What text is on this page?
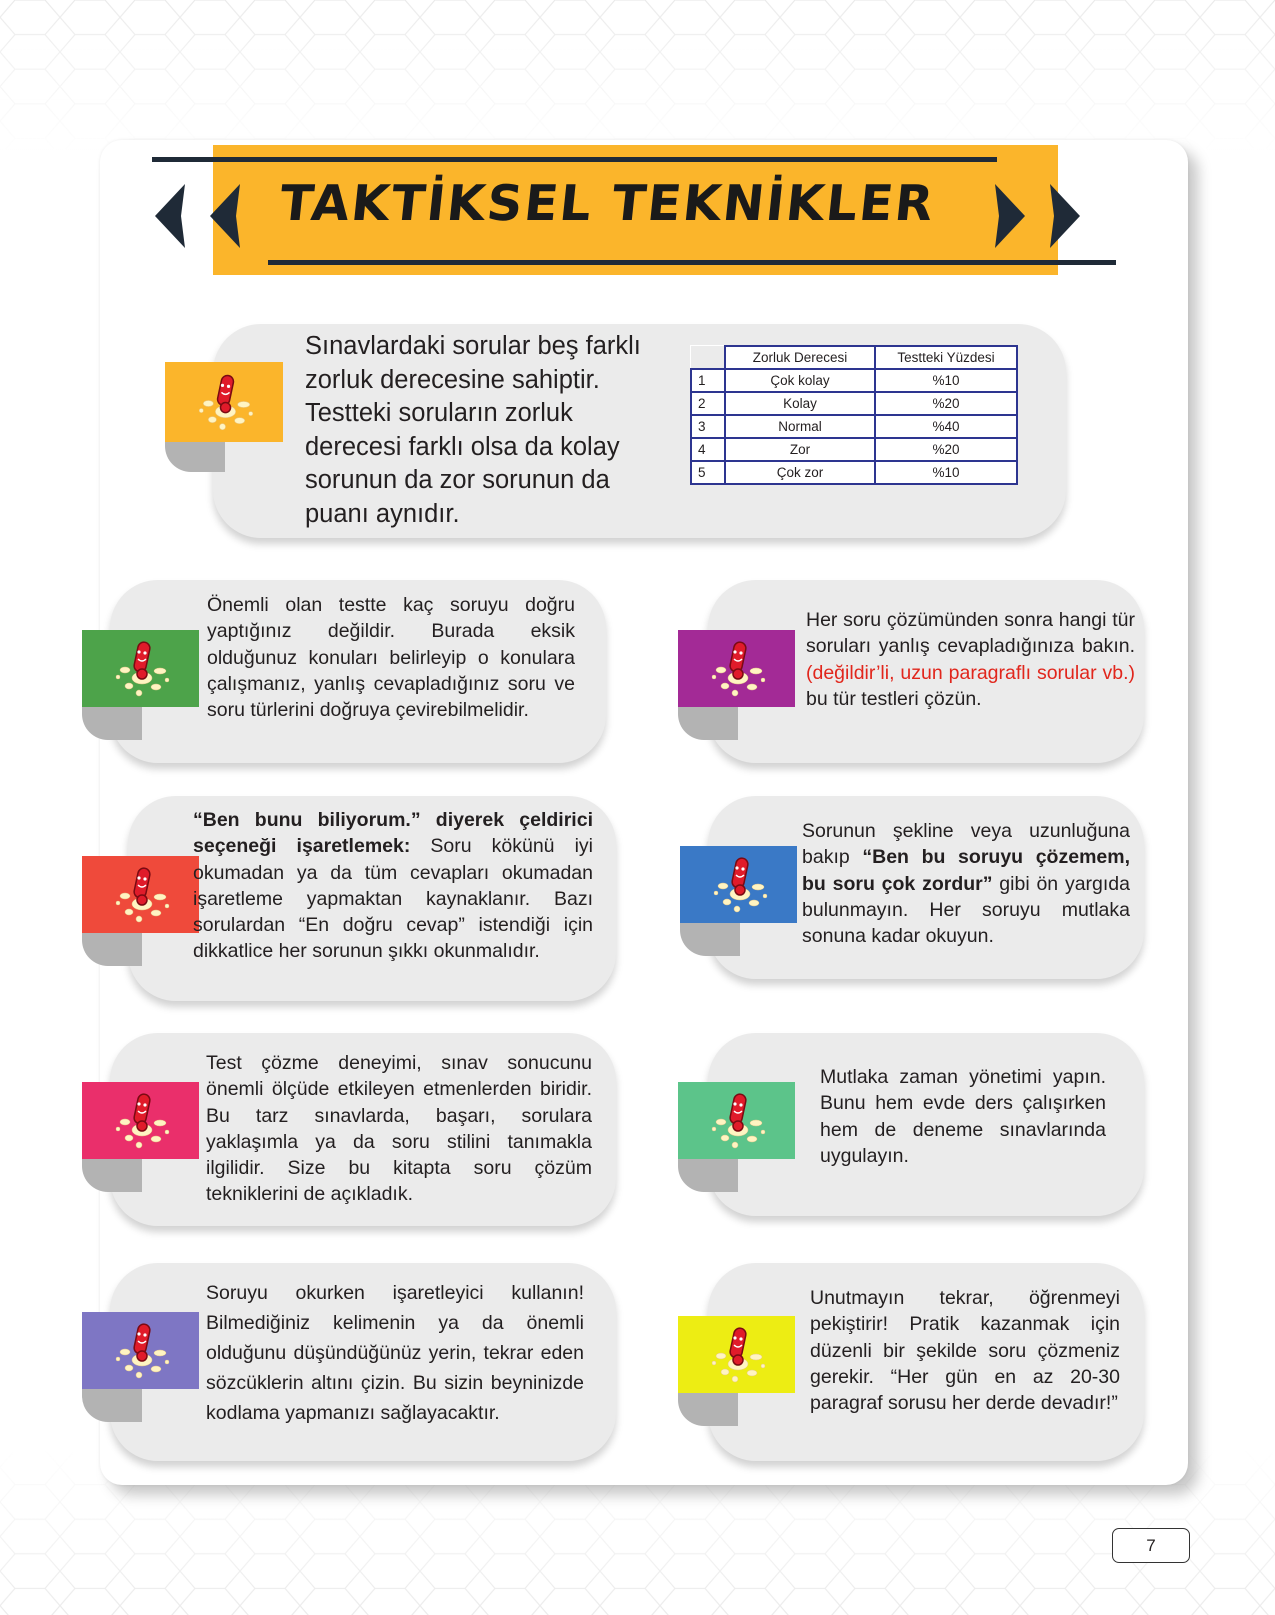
TAKTİKSEL TEKNİKLER
Sınavlardaki sorular beş farklı zorluk derecesine sahiptir. Testteki soruların zorluk derecesi farklı olsa da kolay sorunun da zor sorunun da puanı aynıdır.
	Zorluk Derecesi	Testteki Yüzdesi
1	Çok kolay	%10
2	Kolay	%20
3	Normal	%40
4	Zor	%20
5	Çok zor	%10
Önemli olan testte kaç soruyu doğru yaptığınız değildir. Burada eksik olduğunuz konuları belirleyip o konulara çalışmanız, yanlış cevapladığınız soru ve soru türlerini doğruya çevirebilmelidir.
Her soru çözümünden sonra hangi tür soruları yanlış cevapladığınıza bakın. (değildir’li, uzun paragraflı sorular vb.) bu tür testleri çözün.
“Ben bunu biliyorum.” diyerek çeldirici seçeneği işaretlemek: Soru kökünü iyi okumadan ya da tüm cevapları okumadan işaretleme yapmaktan kaynaklanır. Bazı sorulardan “En doğru cevap” istendiği için dikkatlice her sorunun şıkkı okunmalıdır.
Sorunun şekline veya uzunluğuna bakıp “Ben bu soruyu çözemem, bu soru çok zordur” gibi ön yargıda bulunmayın. Her soruyu mutlaka sonuna kadar okuyun.
Test çözme deneyimi, sınav sonucunu önemli ölçüde etkileyen etmenlerden biridir. Bu tarz sınavlarda, başarı, sorulara yaklaşımla ya da soru stilini tanımakla ilgilidir. Size bu kitapta soru çözüm tekniklerini de açıkladık.
Mutlaka zaman yönetimi yapın. Bunu hem evde ders çalışırken hem de deneme sınavlarında uygulayın.
Soruyu okurken işaretleyici kullanın! Bilmediğiniz kelimenin ya da önemli olduğunu düşündüğünüz yerin, tekrar eden sözcüklerin altını çizin. Bu sizin beyninizde kodlama yapmanızı sağlayacaktır.
Unutmayın tekrar, öğrenmeyi pekiştirir! Pratik kazanmak için düzenli bir şekilde soru çözmeniz gerekir. “Her gün en az 20-30 paragraf sorusu her derde devadır!”
7
